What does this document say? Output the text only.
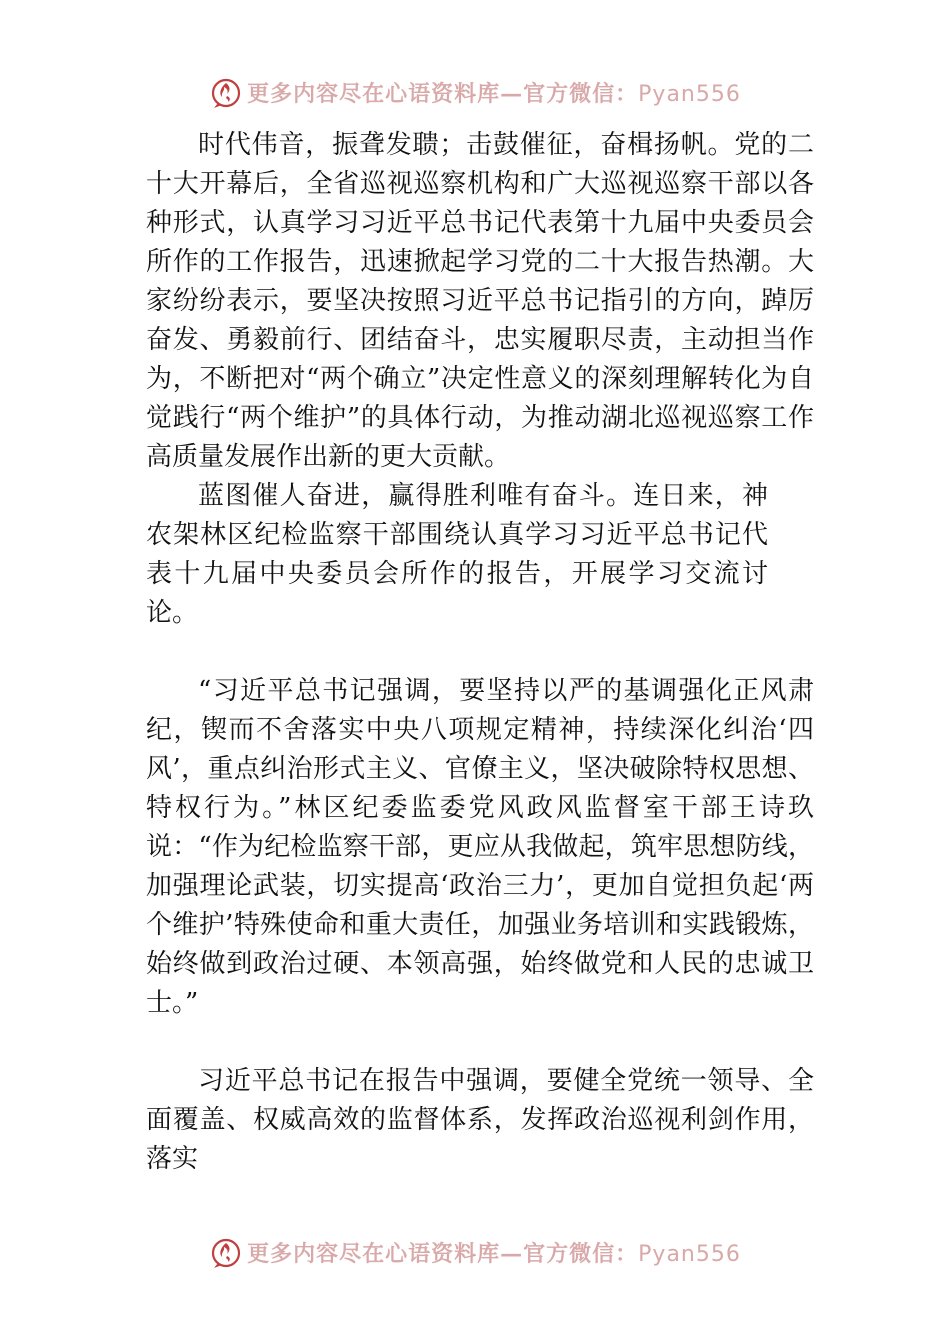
更多内容尽在心语资料库—官方微信：Pyan556

时代伟音，振聋发聩；击鼓催征，奋楫扬帆。党的二十大开幕后，全省巡视巡察机构和广大巡视巡察干部以各种形式，认真学习习近平总书记代表第十九届中央委员会所作的工作报告，迅速掀起学习党的二十大报告热潮。大家纷纷表示，要坚决按照习近平总书记指引的方向，踔厉奋发、勇毅前行、团结奋斗，忠实履职尽责，主动担当作为，不断把对“两个确立”决定性意义的深刻理解转化为自觉践行“两个维护”的具体行动，为推动湖北巡视巡察工作高质量发展作出新的更大贡献。

蓝图催人奋进，赢得胜利唯有奋斗。连日来，神农架林区纪检监察干部围绕认真学习习近平总书记代表十九届中央委员会所作的报告，开展学习交流讨论。

“习近平总书记强调，要坚持以严的基调强化正风肃纪，锲而不舍落实中央八项规定精神，持续深化纠治‘四风’，重点纠治形式主义、官僚主义，坚决破除特权思想、特权行为。”林区纪委监委党风政风监督室干部王诗玖说：“作为纪检监察干部，更应从我做起，筑牢思想防线，加强理论武装，切实提高‘政治三力’，更加自觉担负起‘两个维护’特殊使命和重大责任，加强业务培训和实践锻炼，始终做到政治过硬、本领高强，始终做党和人民的忠诚卫士。”

习近平总书记在报告中强调，要健全党统一领导、全面覆盖、权威高效的监督体系，发挥政治巡视利剑作用，落实

更多内容尽在心语资料库—官方微信：Pyan556
